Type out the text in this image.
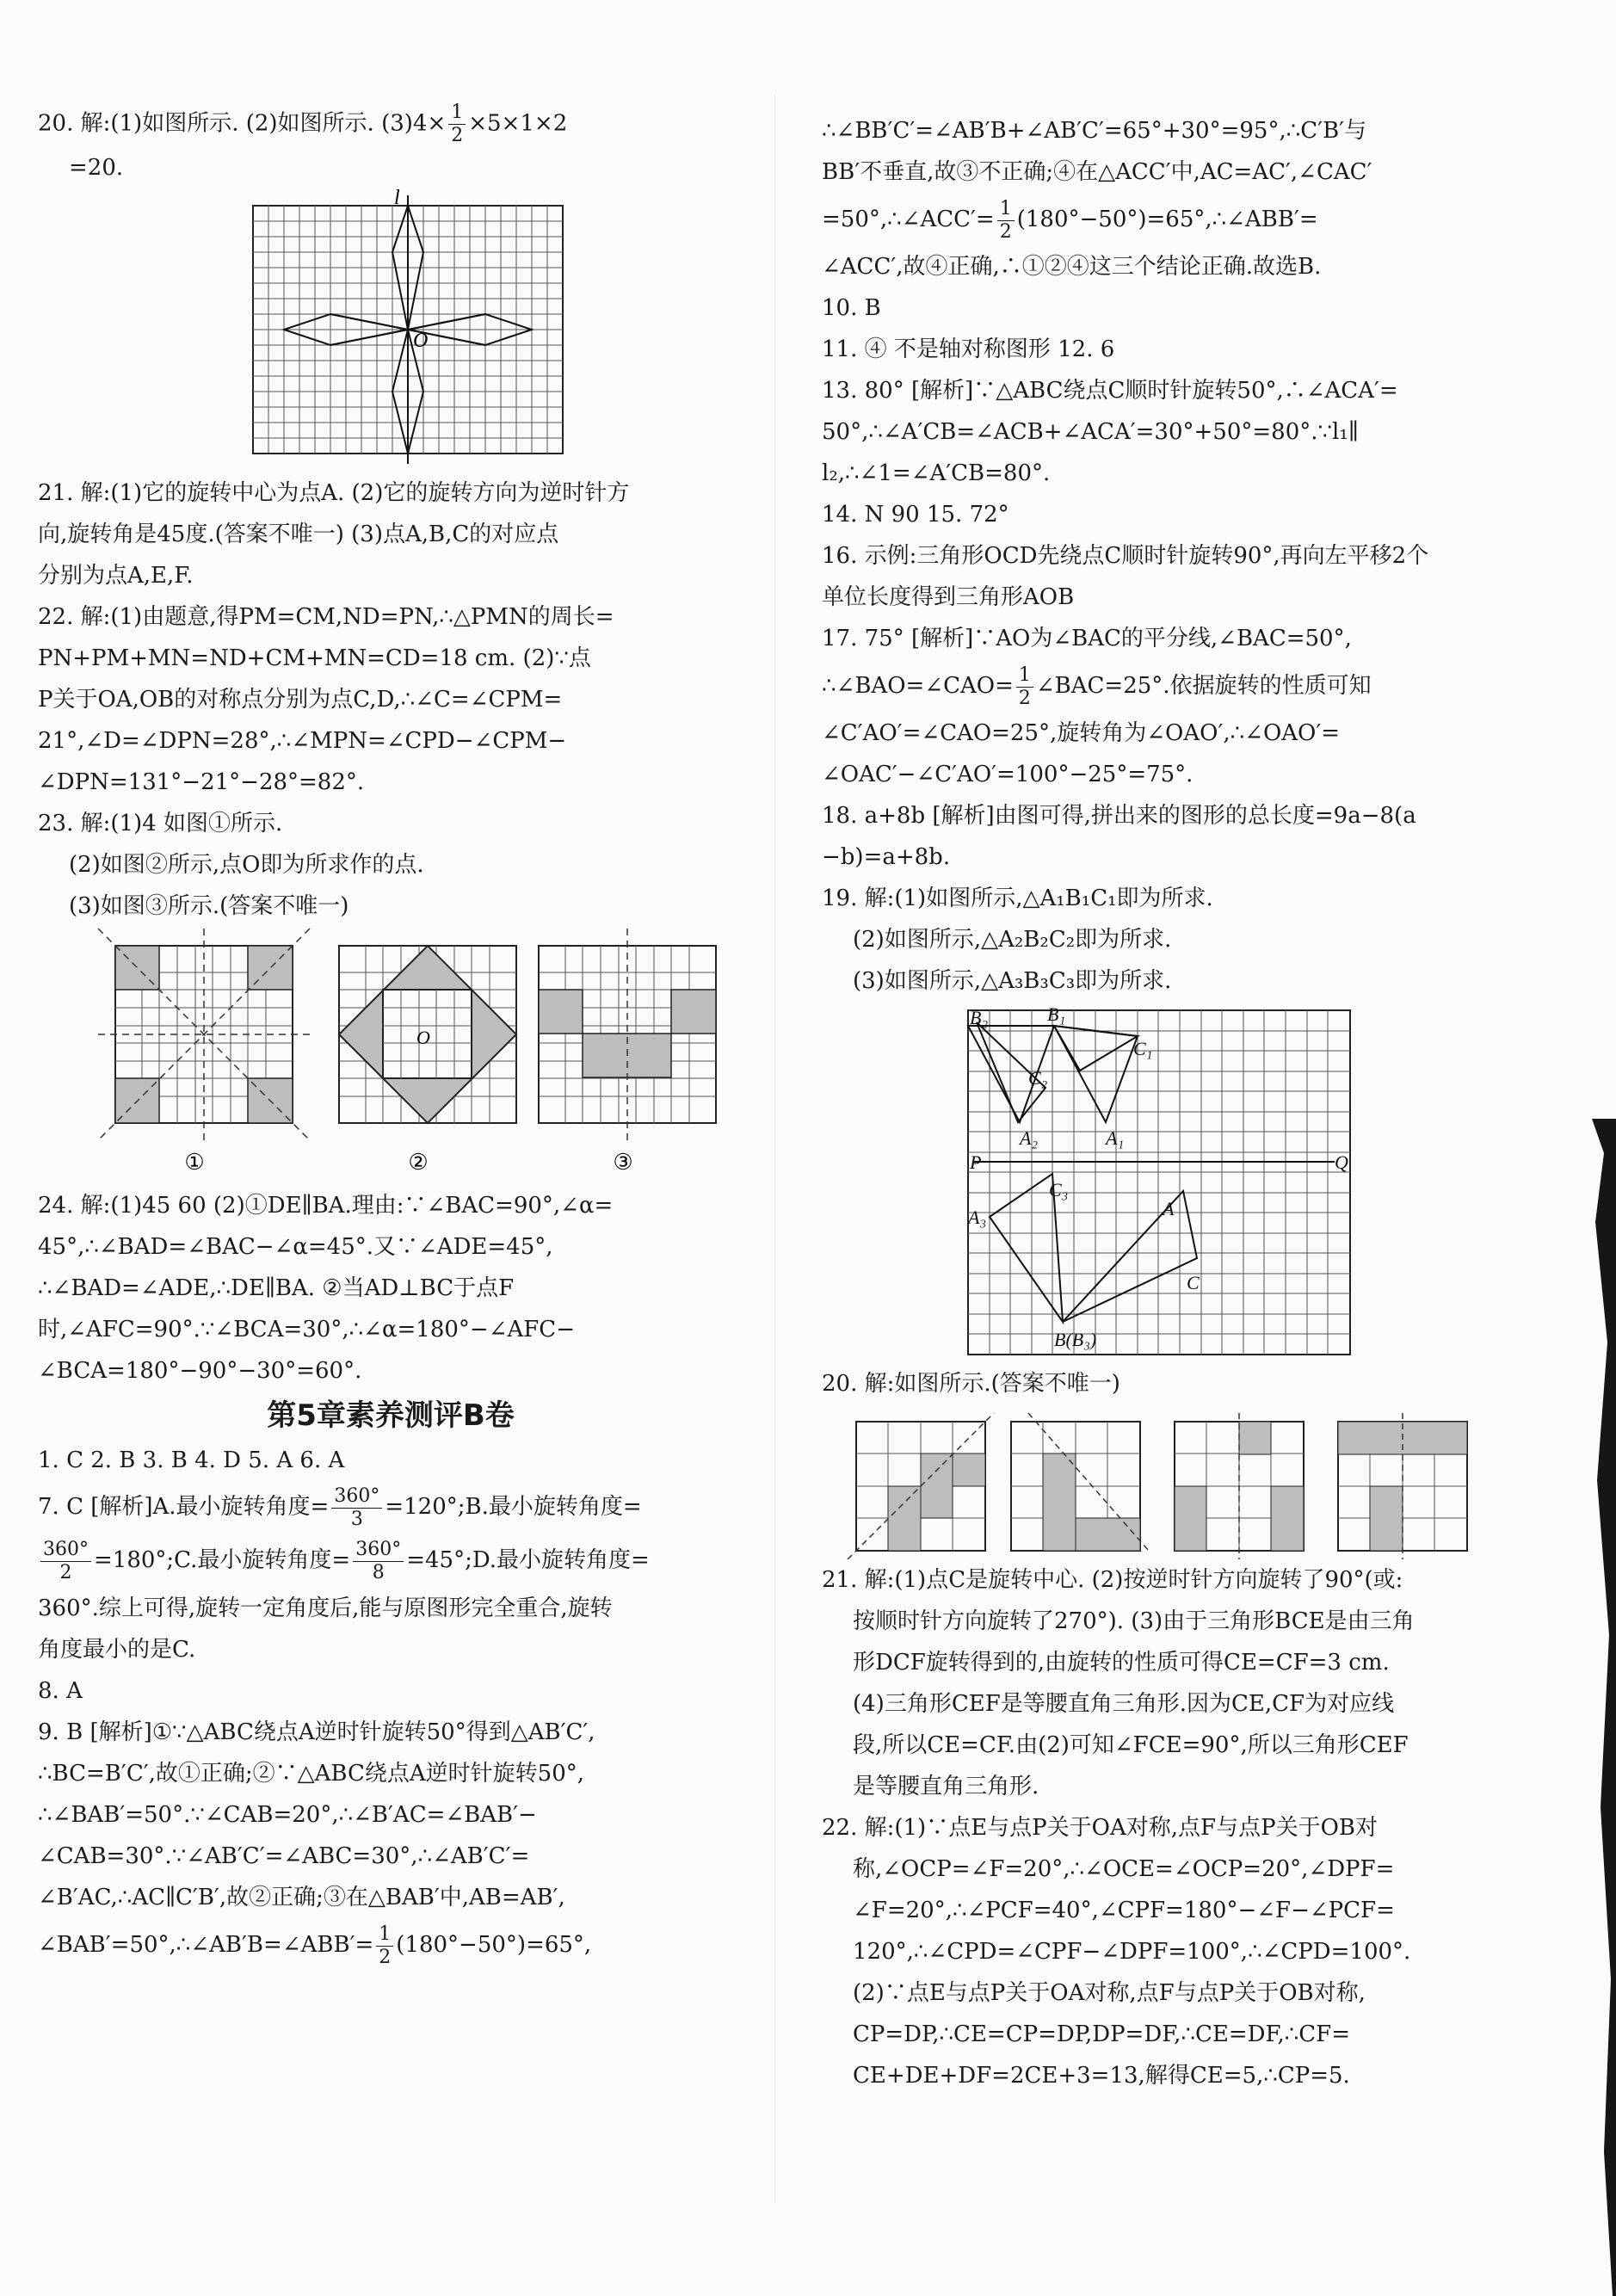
20. 解:(1)如图所示. (2)如图所示. $(3)4\times \frac{1}{2} \times 5\times 1\times 2$
=20.
l
O
21. 解:(1)它的旋转中心为点A. (2)它的旋转方向为逆时针方
向,旋转角是45度.(答案不唯一) (3)点A,B,C的对应点
分别为点A,E,F.
22. 解:(1)由题意,得PM=CM,ND=PN,∴△PMN的周长=
PN+PM+MN=ND+CM+MN=CD=18 cm. (2)∵点
P关于OA,OB的对称点分别为点C,D,∴∠C=∠CPM=
21°,∠D=∠DPN=28°,∴∠MPN=∠CPD−∠CPM−
∠DPN=131°−21°−28°=82°.
23. 解:(1)4 如图①所示.
(2)如图②所示,点O即为所求作的点.
(3)如图③所示.(答案不唯一)
O
①	②	③
24. 解:(1)45 60 (2)①DE∥BA.理由:∵∠BAC=90°,∠α=
45°,∴∠BAD=∠BAC−∠α=45°.又∵∠ADE=45°,
∴∠BAD=∠ADE,∴DE∥BA. ②当AD⊥BC于点F
时,∠AFC=90°.∵∠BCA=30°,∴∠α=180°−∠AFC−
∠BCA=180°−90°−30°=60°.
第5章素养测评B卷
1. C 2. B 3. B 4. D 5. A 6. A
7. C [解析]A.最小旋转角度= $\frac{360^\circ}{3}$ =120°;B.最小旋转角度=
$\frac{360^\circ}{2}$ =180°;C.最小旋转角度= $\frac{360^\circ}{8}$ =45°;D.最小旋转角度=
360°.综上可得,旋转一定角度后,能与原图形完全重合,旋转
角度最小的是C.
8. A
9. B [解析]①∵△ABC绕点A逆时针旋转50°得到△AB′C′,
∴BC=B′C′,故①正确;②∵△ABC绕点A逆时针旋转50°,
∴∠BAB′=50°.∵∠CAB=20°,∴∠B′AC=∠BAB′−
∠CAB=30°.∵∠AB′C′=∠ABC=30°,∴∠AB′C′=
∠B′AC,∴AC∥C′B′,故②正确;③在△BAB′中,AB=AB′,
∠BAB′=50°,∴∠AB′B=∠ABB′= $\frac{1}{2} (180^\circ-50^\circ)=65^\circ$,
∴∠BB′C′=∠AB′B+∠AB′C′=65°+30°=95°,∴C′B′与
BB′不垂直,故③不正确;④在△ACC′中,AC=AC′,∠CAC′
=50°,∴∠ACC′= $\frac{1}{2}$ (180°−50°)=65°,∴∠ABB′=
∠ACC′,故④正确,∴①②④这三个结论正确.故选B.
10. B
11. ④ 不是轴对称图形 12. 6
13. 80° [解析]∵△ABC绕点C顺时针旋转50°,∴∠ACA′=
50°,∴∠A′CB=∠ACB+∠ACA′=30°+50°=80°.∵l₁∥
l₂,∴∠1=∠A′CB=80°.
14. N 90 15. 72°
16. 示例:三角形OCD先绕点C顺时针旋转90°,再向左平移2个
单位长度得到三角形AOB
17. 75° [解析]∵AO为∠BAC的平分线,∠BAC=50°,
∴∠BAO=∠CAO= $\frac{1}{2}$ ∠BAC=25°.依据旋转的性质可知
∠C′AO′=∠CAO=25°,旋转角为∠OAO′,∴∠OAO′=
∠OAC′−∠C′AO′=100°−25°=75°.
18. a+8b [解析]由图可得,拼出来的图形的总长度=9a−8(a
−b)=a+8b.
19. 解:(1)如图所示,△A₁B₁C₁即为所求.
(2)如图所示,△A₂B₂C₂即为所求.
(3)如图所示,△A₃B₃C₃即为所求.
B₂	B₁
C₁
C₂
A₂	A₁
P	Q
C₃
A₃	A
C
B(B₃)
20. 解:如图所示.(答案不唯一)
21. 解:(1)点C是旋转中心. (2)按逆时针方向旋转了90°(或:
按顺时针方向旋转了270°). (3)由于三角形BCE是由三角
形DCF旋转得到的,由旋转的性质可得CE=CF=3 cm.
(4)三角形CEF是等腰直角三角形.因为CE,CF为对应线
段,所以CE=CF.由(2)可知∠FCE=90°,所以三角形CEF
是等腰直角三角形.
22. 解:(1)∵点E与点P关于OA对称,点F与点P关于OB对
称,∠OCP=∠F=20°,∴∠OCE=∠OCP=20°,∠DPF=
∠F=20°,∴∠PCF=40°,∠CPF=180°−∠F−∠PCF=
120°,∴∠CPD=∠CPF−∠DPF=100°,∴∠CPD=100°.
(2)∵点E与点P关于OA对称,点F与点P关于OB对称,
CP=DP,∴CE=CP=DP,DP=DF,∴CE=DF,∴CF=
CE+DE+DF=2CE+3=13,解得CE=5,∴CP=5.
